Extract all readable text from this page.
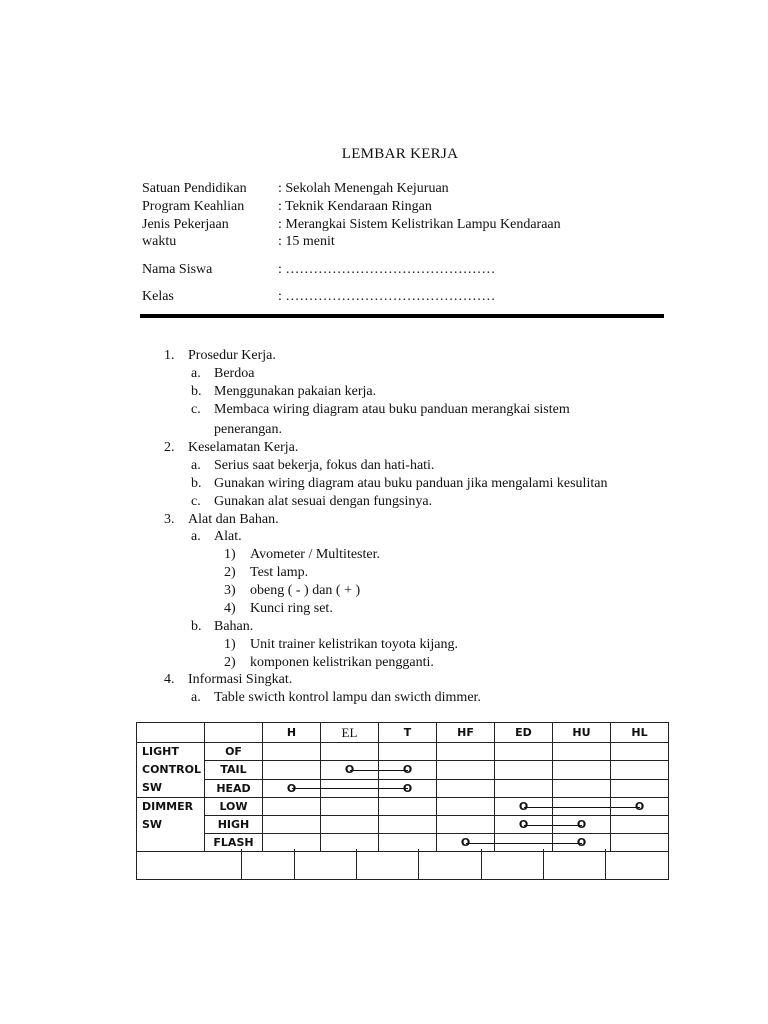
LEMBAR KERJA
Satuan Pendidikan	: Sekolah Menengah Kejuruan
Program Keahlian	: Teknik Kendaraan Ringan
Jenis Pekerjaan	: Merangkai Sistem Kelistrikan Lampu Kendaraan
waktu	: 15 menit
Nama Siswa	: ………………………………………
Kelas	: ………………………………………
1. Prosedur Kerja.
a. Berdoa
b. Menggunakan pakaian kerja.
c. Membaca wiring diagram atau buku panduan merangkai sistem
penerangan.
2. Keselamatan Kerja.
a. Serius saat bekerja, fokus dan hati-hati.
b. Gunakan wiring diagram atau buku panduan jika mengalami kesulitan
c. Gunakan alat sesuai dengan fungsinya.
3. Alat dan Bahan.
a. Alat.
1) Avometer / Multitester.
2) Test lamp.
3) obeng ( - ) dan ( + )
4) Kunci ring set.
b. Bahan.
1) Unit trainer kelistrikan toyota kijang.
2) komponen kelistrikan pengganti.
4. Informasi Singkat.
a. Table swicth kontrol lampu dan swicth dimmer.
		H	EL	T	HF	ED	HU	HL

LIGHT
CONTROL
SW	OF							
	TAIL		O	O				
	HEAD	O		O				

DIMMER
SW	LOW					O		O
	HIGH					O	O	
	FLASH				O		O	
